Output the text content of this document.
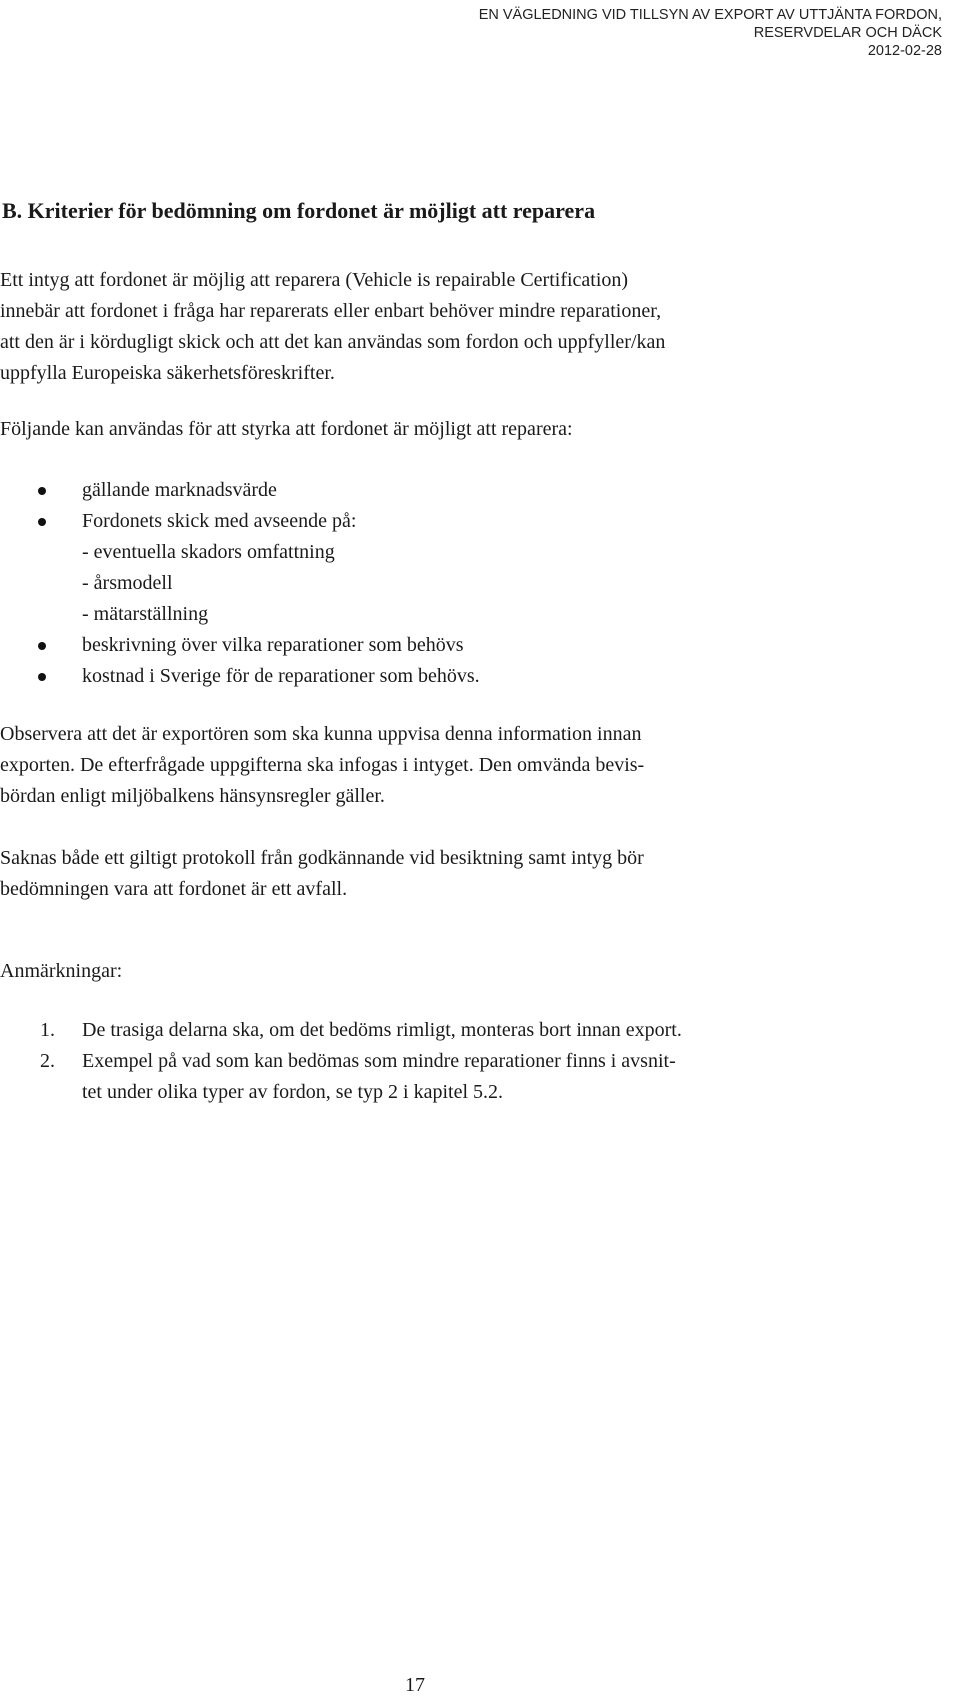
EN VÄGLEDNING VID TILLSYN AV EXPORT AV UTTJÄNTA FORDON,
RESERVDELAR OCH DÄCK
2012-02-28
B. Kriterier för bedömning om fordonet är möjligt att reparera

Ett intyg att fordonet är möjlig att reparera (Vehicle is repairable Certification)

innebär att fordonet i fråga har reparerats eller enbart behöver mindre reparationer,

att den är i kördugligt skick och att det kan användas som fordon och uppfyller/kan

uppfylla Europeiska säkerhetsföreskrifter.

Följande kan användas för att styrka att fordonet är möjligt att reparera:

gällande marknadsvärde
Fordonets skick med avseende på:
- eventuella skadors omfattning
- årsmodell
- mätarställning
beskrivning över vilka reparationer som behövs
kostnad i Sverige för de reparationer som behövs.

Observera att det är exportören som ska kunna uppvisa denna information innan

exporten. De efterfrågade uppgifterna ska infogas i intyget. Den omvända bevis-

bördan enligt miljöbalkens hänsynsregler gäller.

Saknas både ett giltigt protokoll från godkännande vid besiktning samt intyg bör

bedömningen vara att fordonet är ett avfall.

Anmärkningar:

1. De trasiga delarna ska, om det bedöms rimligt, monteras bort innan export.
2. Exempel på vad som kan bedömas som mindre reparationer finns i avsnit-
tet under olika typer av fordon, se typ 2 i kapitel 5.2.
17
